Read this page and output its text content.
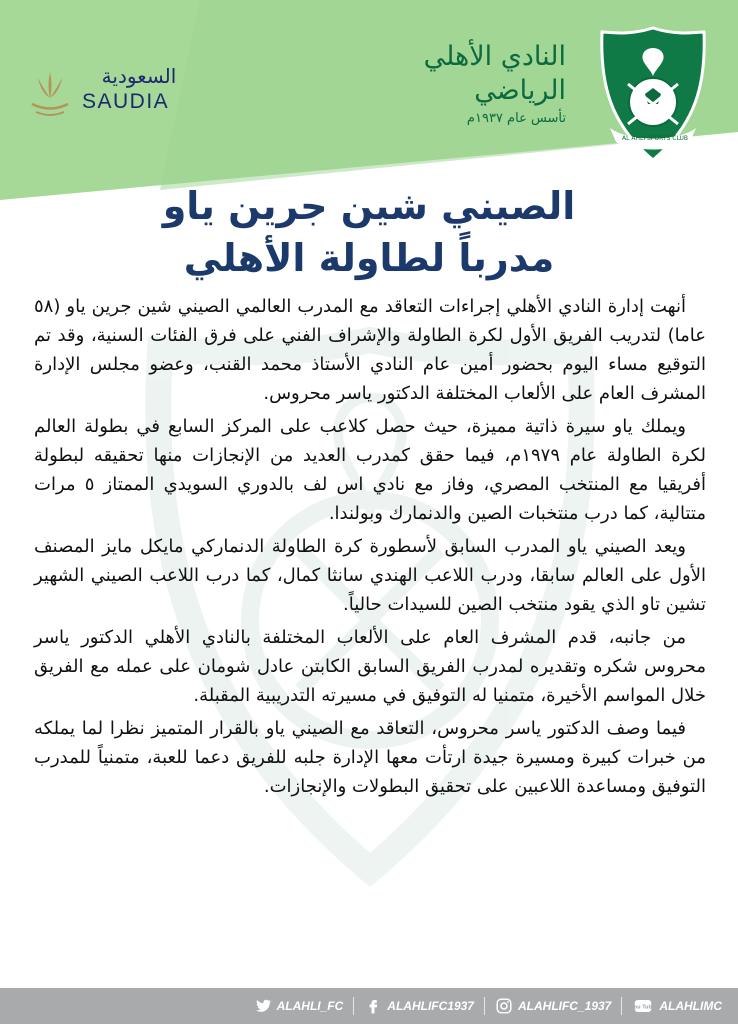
AL AHLI SPORTS CLUB
النادي الأهلي الرياضي
تأسس عام ١٩٣٧م
السعودية
SAUDIA
الصيني شين جرين ياو
مدرباً لطاولة الأهلي

أنهت إدارة النادي الأهلي إجراءات التعاقد مع المدرب العالمي الصيني شين جرين ياو (٥٨ عاما) لتدريب الفريق الأول لكرة الطاولة والإشراف الفني على فرق الفئات السنية، وقد تم التوقيع مساء اليوم بحضور أمين عام النادي الأستاذ محمد القنب، وعضو مجلس الإدارة المشرف العام على الألعاب المختلفة الدكتور ياسر محروس.

ويملك ياو سيرة ذاتية مميزة، حيث حصل كلاعب على المركز السابع في بطولة العالم لكرة الطاولة عام ١٩٧٩م، فيما حقق كمدرب العديد من الإنجازات منها تحقيقه لبطولة أفريقيا مع المنتخب المصري، وفاز مع نادي اس لف بالدوري السويدي الممتاز ٥ مرات متتالية، كما درب منتخبات الصين والدنمارك وبولندا.

ويعد الصيني ياو المدرب السابق لأسطورة كرة الطاولة الدنماركي مايكل مايز المصنف الأول على العالم سابقا، ودرب اللاعب الهندي سانثا كمال، كما درب اللاعب الصيني الشهير تشين تاو الذي يقود منتخب الصين للسيدات حالياً.

من جانبه، قدم المشرف العام على الألعاب المختلفة بالنادي الأهلي الدكتور ياسر محروس شكره وتقديره لمدرب الفريق السابق الكابتن عادل شومان على عمله مع الفريق خلال المواسم الأخيرة، متمنيا له التوفيق في مسيرته التدريبية المقبلة.

فيما وصف الدكتور ياسر محروس، التعاقد مع الصيني ياو بالقرار المتميز نظرا لما يملكه من خبرات كبيرة ومسيرة جيدة ارتأت معها الإدارة جلبه للفريق دعما للعبة، متمنياً للمدرب التوفيق ومساعدة اللاعبين على تحقيق البطولات والإنجازات.

ALAHLI_FC	ALAHLIFC1937	ALAHLIFC_1937	You Tube ALAHLIMC
